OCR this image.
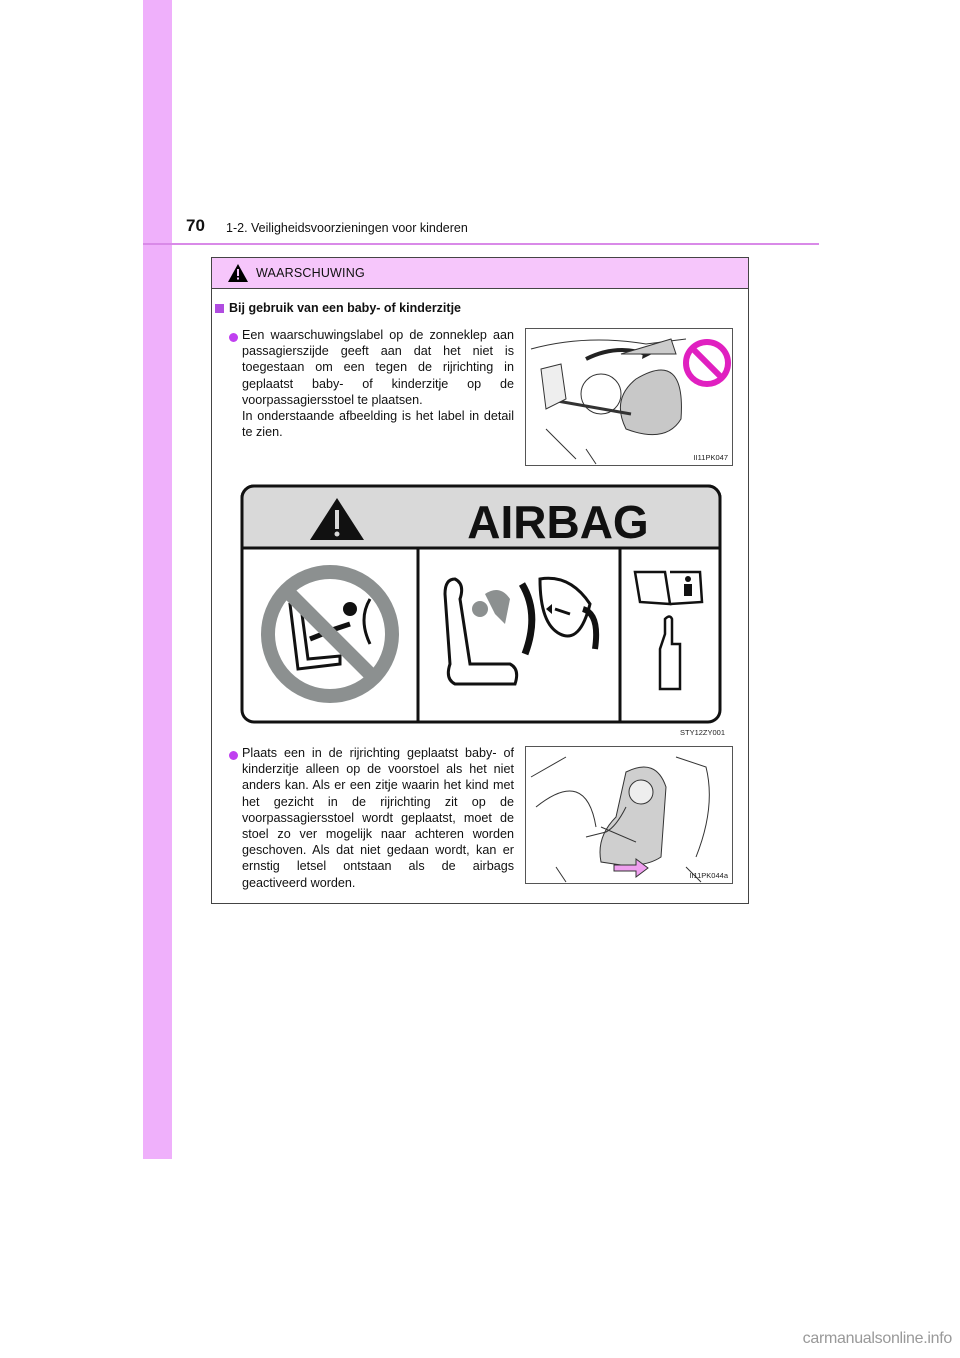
70 1-2. Veiligheidsvoorzieningen voor kinderen
WAARSCHUWING
Bij gebruik van een baby- of kinderzitje
Een waarschuwingslabel op de zonneklep aan passagierszijde geeft aan dat het niet is toegestaan om een tegen de rijrichting in geplaatst baby- of kinderzitje op de voorpassagiersstoel te plaatsen.
In onderstaande afbeelding is het label in detail te zien.
II11PK047
AIRBAG
STY12ZY001
Plaats een in de rijrichting geplaatst baby- of kinderzitje alleen op de voorstoel als het niet anders kan. Als er een zitje waarin het kind met het gezicht in de rijrichting zit op de voorpassagiersstoel wordt geplaatst, moet de stoel zo ver mogelijk naar achteren worden geschoven. Als dat niet gedaan wordt, kan er ernstig letsel ontstaan als de airbags geactiveerd worden.
II11PK044a
carmanualsonline.info
